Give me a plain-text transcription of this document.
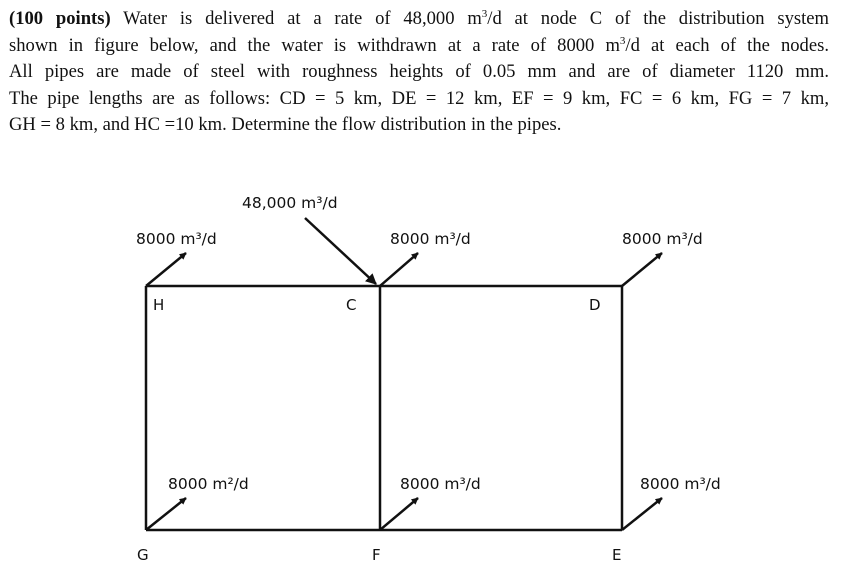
(100 points) Water is delivered at a rate of 48,000 $m^3/d$ at node C of the distribution system
shown in figure below, and the water is withdrawn at a rate of 8000 $m^3/d$ at each of the nodes.
All pipes are made of steel with roughness heights of 0.05 mm and are of diameter 1120 mm.
The pipe lengths are as follows: CD = 5 km, DE = 12 km, EF = 9 km, FC = 6 km, FG = 7 km,
GH = 8 km, and HC =10 km. Determine the flow distribution in the pipes.
48,000 m³/d
8000 m³/d	8000 m³/d	8000 m³/d
8000 m²/d	8000 m³/d	8000 m³/d
H	C	D
G	F	E
